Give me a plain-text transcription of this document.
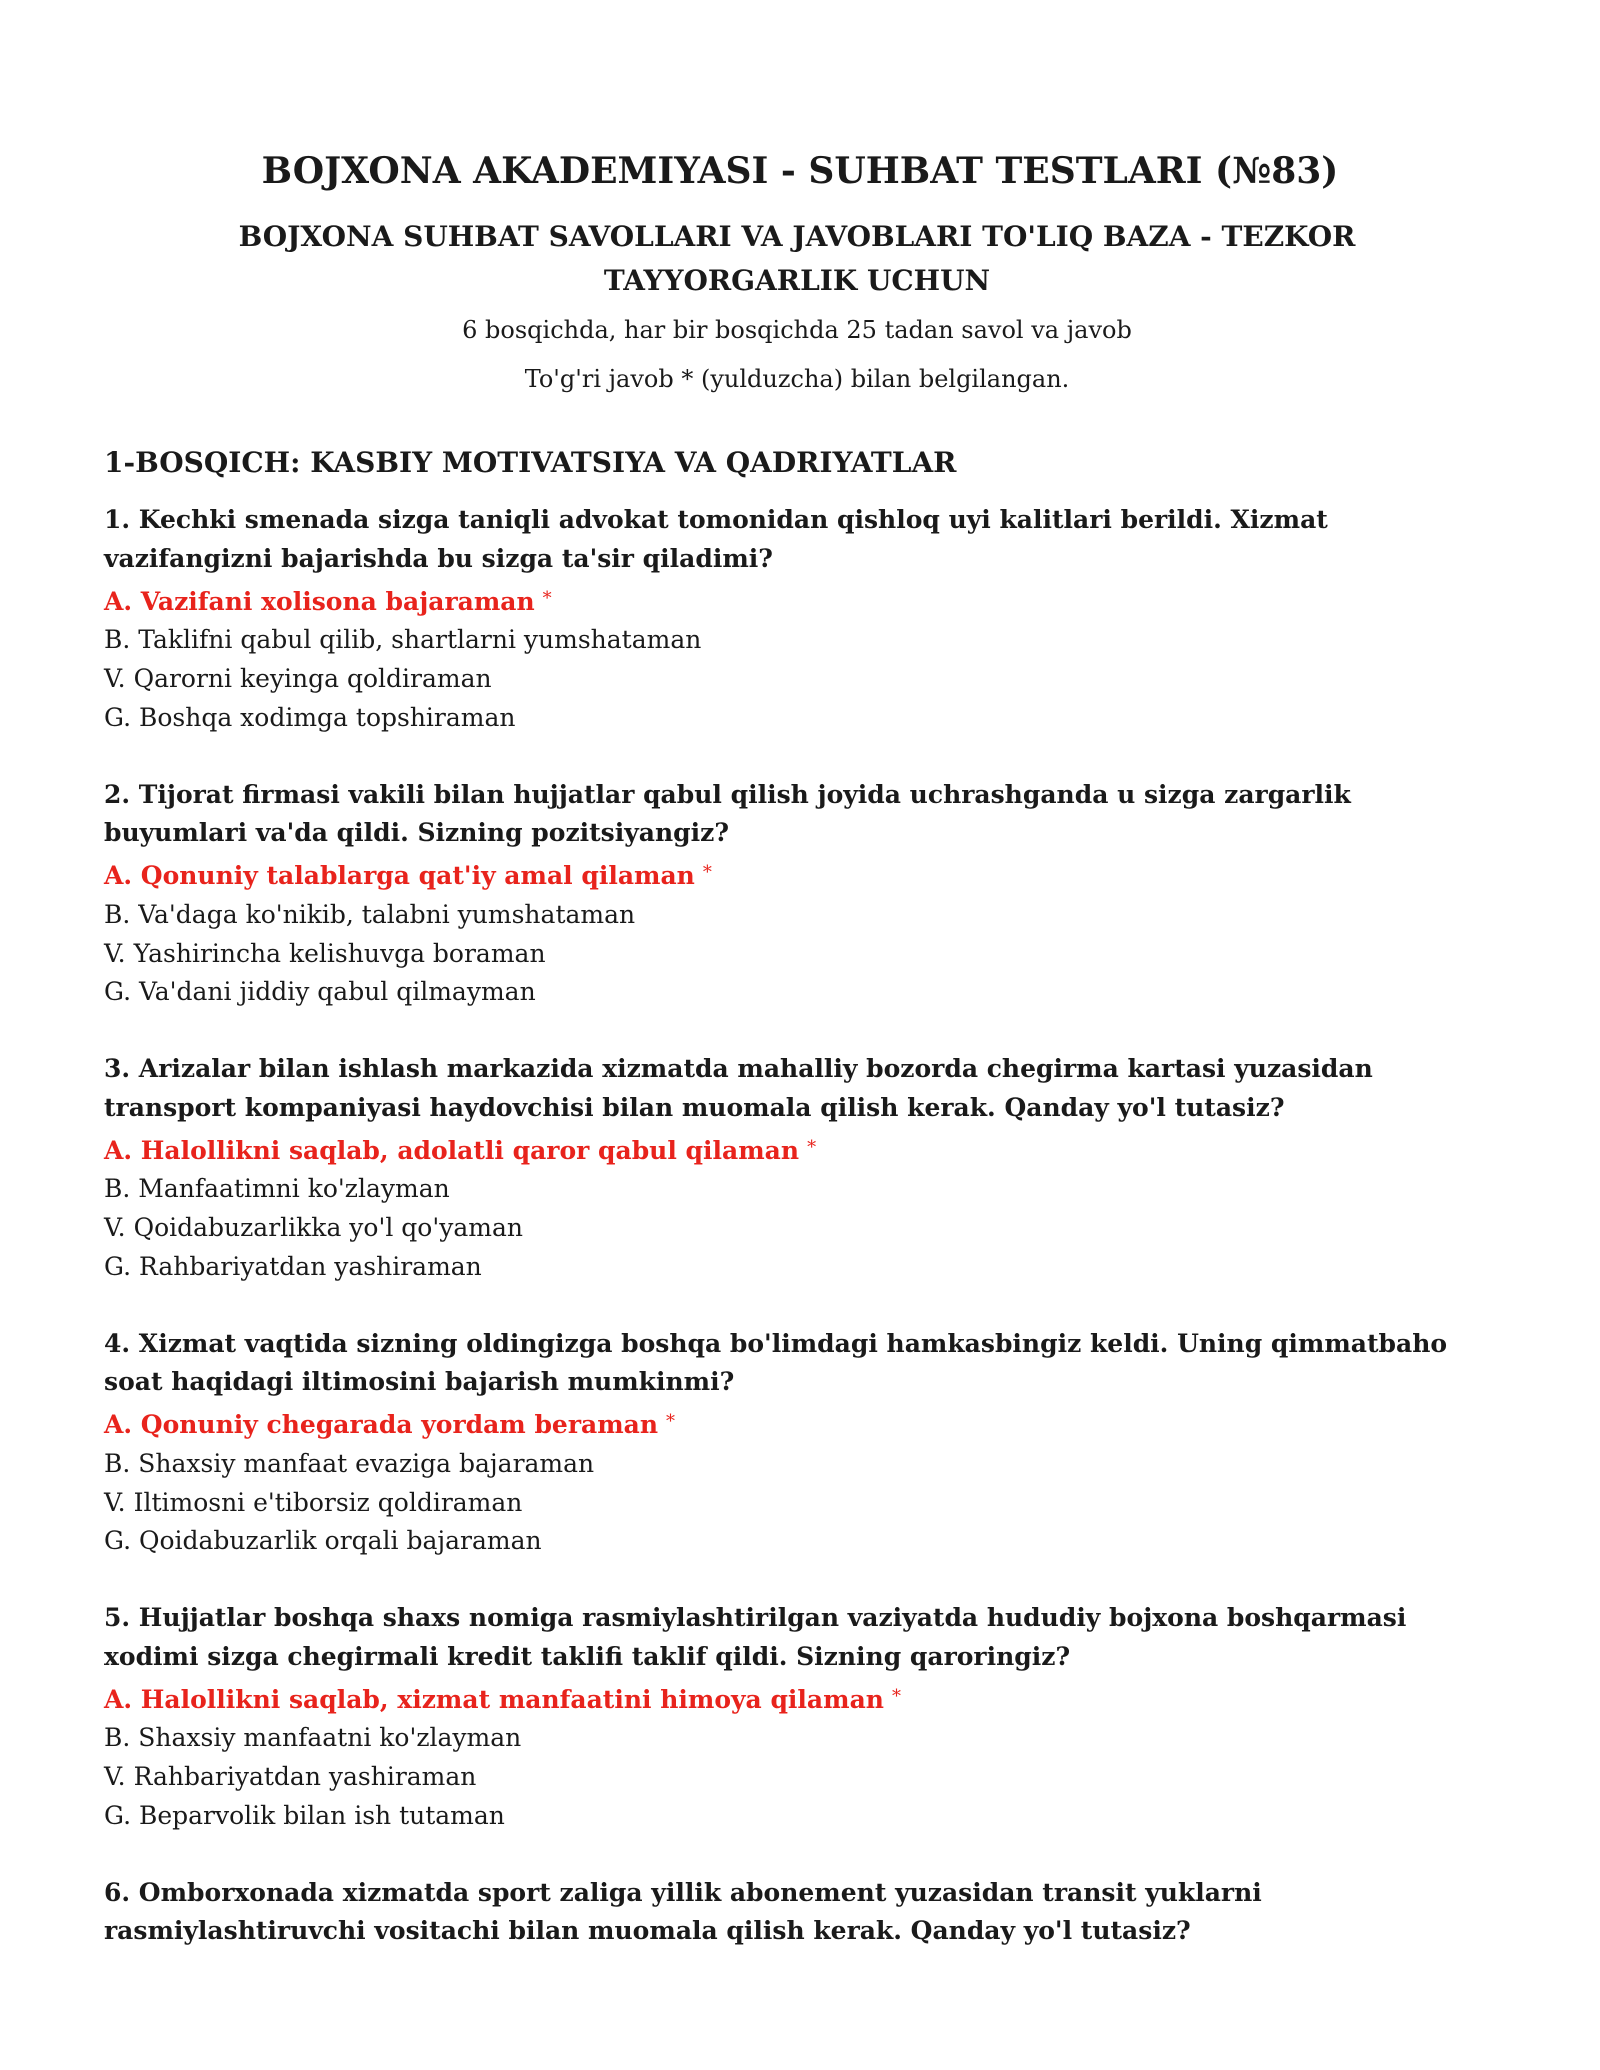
BOJXONA AKADEMIYASI - SUHBAT TESTLARI (№83)
BOJXONA SUHBAT SAVOLLARI VA JAVOBLARI TO'LIQ BAZA - TEZKOR TAYYORGARLIK UCHUN

6 bosqichda, har bir bosqichda 25 tadan savol va javob

To'g'ri javob * (yulduzcha) bilan belgilangan.

1-BOSQICH: KASBIY MOTIVATSIYA VA QADRIYATLAR

1. Kechki smenada sizga taniqli advokat tomonidan qishloq uyi kalitlari berildi. Xizmat vazifangizni bajarishda bu sizga ta'sir qiladimi?

A. Vazifani xolisona bajaraman *

B. Taklifni qabul qilib, shartlarni yumshataman

V. Qarorni keyinga qoldiraman

G. Boshqa xodimga topshiraman

2. Tijorat firmasi vakili bilan hujjatlar qabul qilish joyida uchrashganda u sizga zargarlik buyumlari va'da qildi. Sizning pozitsiyangiz?

A. Qonuniy talablarga qat'iy amal qilaman *

B. Va'daga ko'nikib, talabni yumshataman

V. Yashirincha kelishuvga boraman

G. Va'dani jiddiy qabul qilmayman

3. Arizalar bilan ishlash markazida xizmatda mahalliy bozorda chegirma kartasi yuzasidan transport kompaniyasi haydovchisi bilan muomala qilish kerak. Qanday yo'l tutasiz?

A. Halollikni saqlab, adolatli qaror qabul qilaman *

B. Manfaatimni ko'zlayman

V. Qoidabuzarlikka yo'l qo'yaman

G. Rahbariyatdan yashiraman

4. Xizmat vaqtida sizning oldingizga boshqa bo'limdagi hamkasbingiz keldi. Uning qimmatbaho soat haqidagi iltimosini bajarish mumkinmi?

A. Qonuniy chegarada yordam beraman *

B. Shaxsiy manfaat evaziga bajaraman

V. Iltimosni e'tiborsiz qoldiraman

G. Qoidabuzarlik orqali bajaraman

5. Hujjatlar boshqa shaxs nomiga rasmiylashtirilgan vaziyatda hududiy bojxona boshqarmasi xodimi sizga chegirmali kredit taklifi taklif qildi. Sizning qaroringiz?

A. Halollikni saqlab, xizmat manfaatini himoya qilaman *

B. Shaxsiy manfaatni ko'zlayman

V. Rahbariyatdan yashiraman

G. Beparvolik bilan ish tutaman

6. Omborxonada xizmatda sport zaliga yillik abonement yuzasidan transit yuklarni rasmiylashtiruvchi vositachi bilan muomala qilish kerak. Qanday yo'l tutasiz?
